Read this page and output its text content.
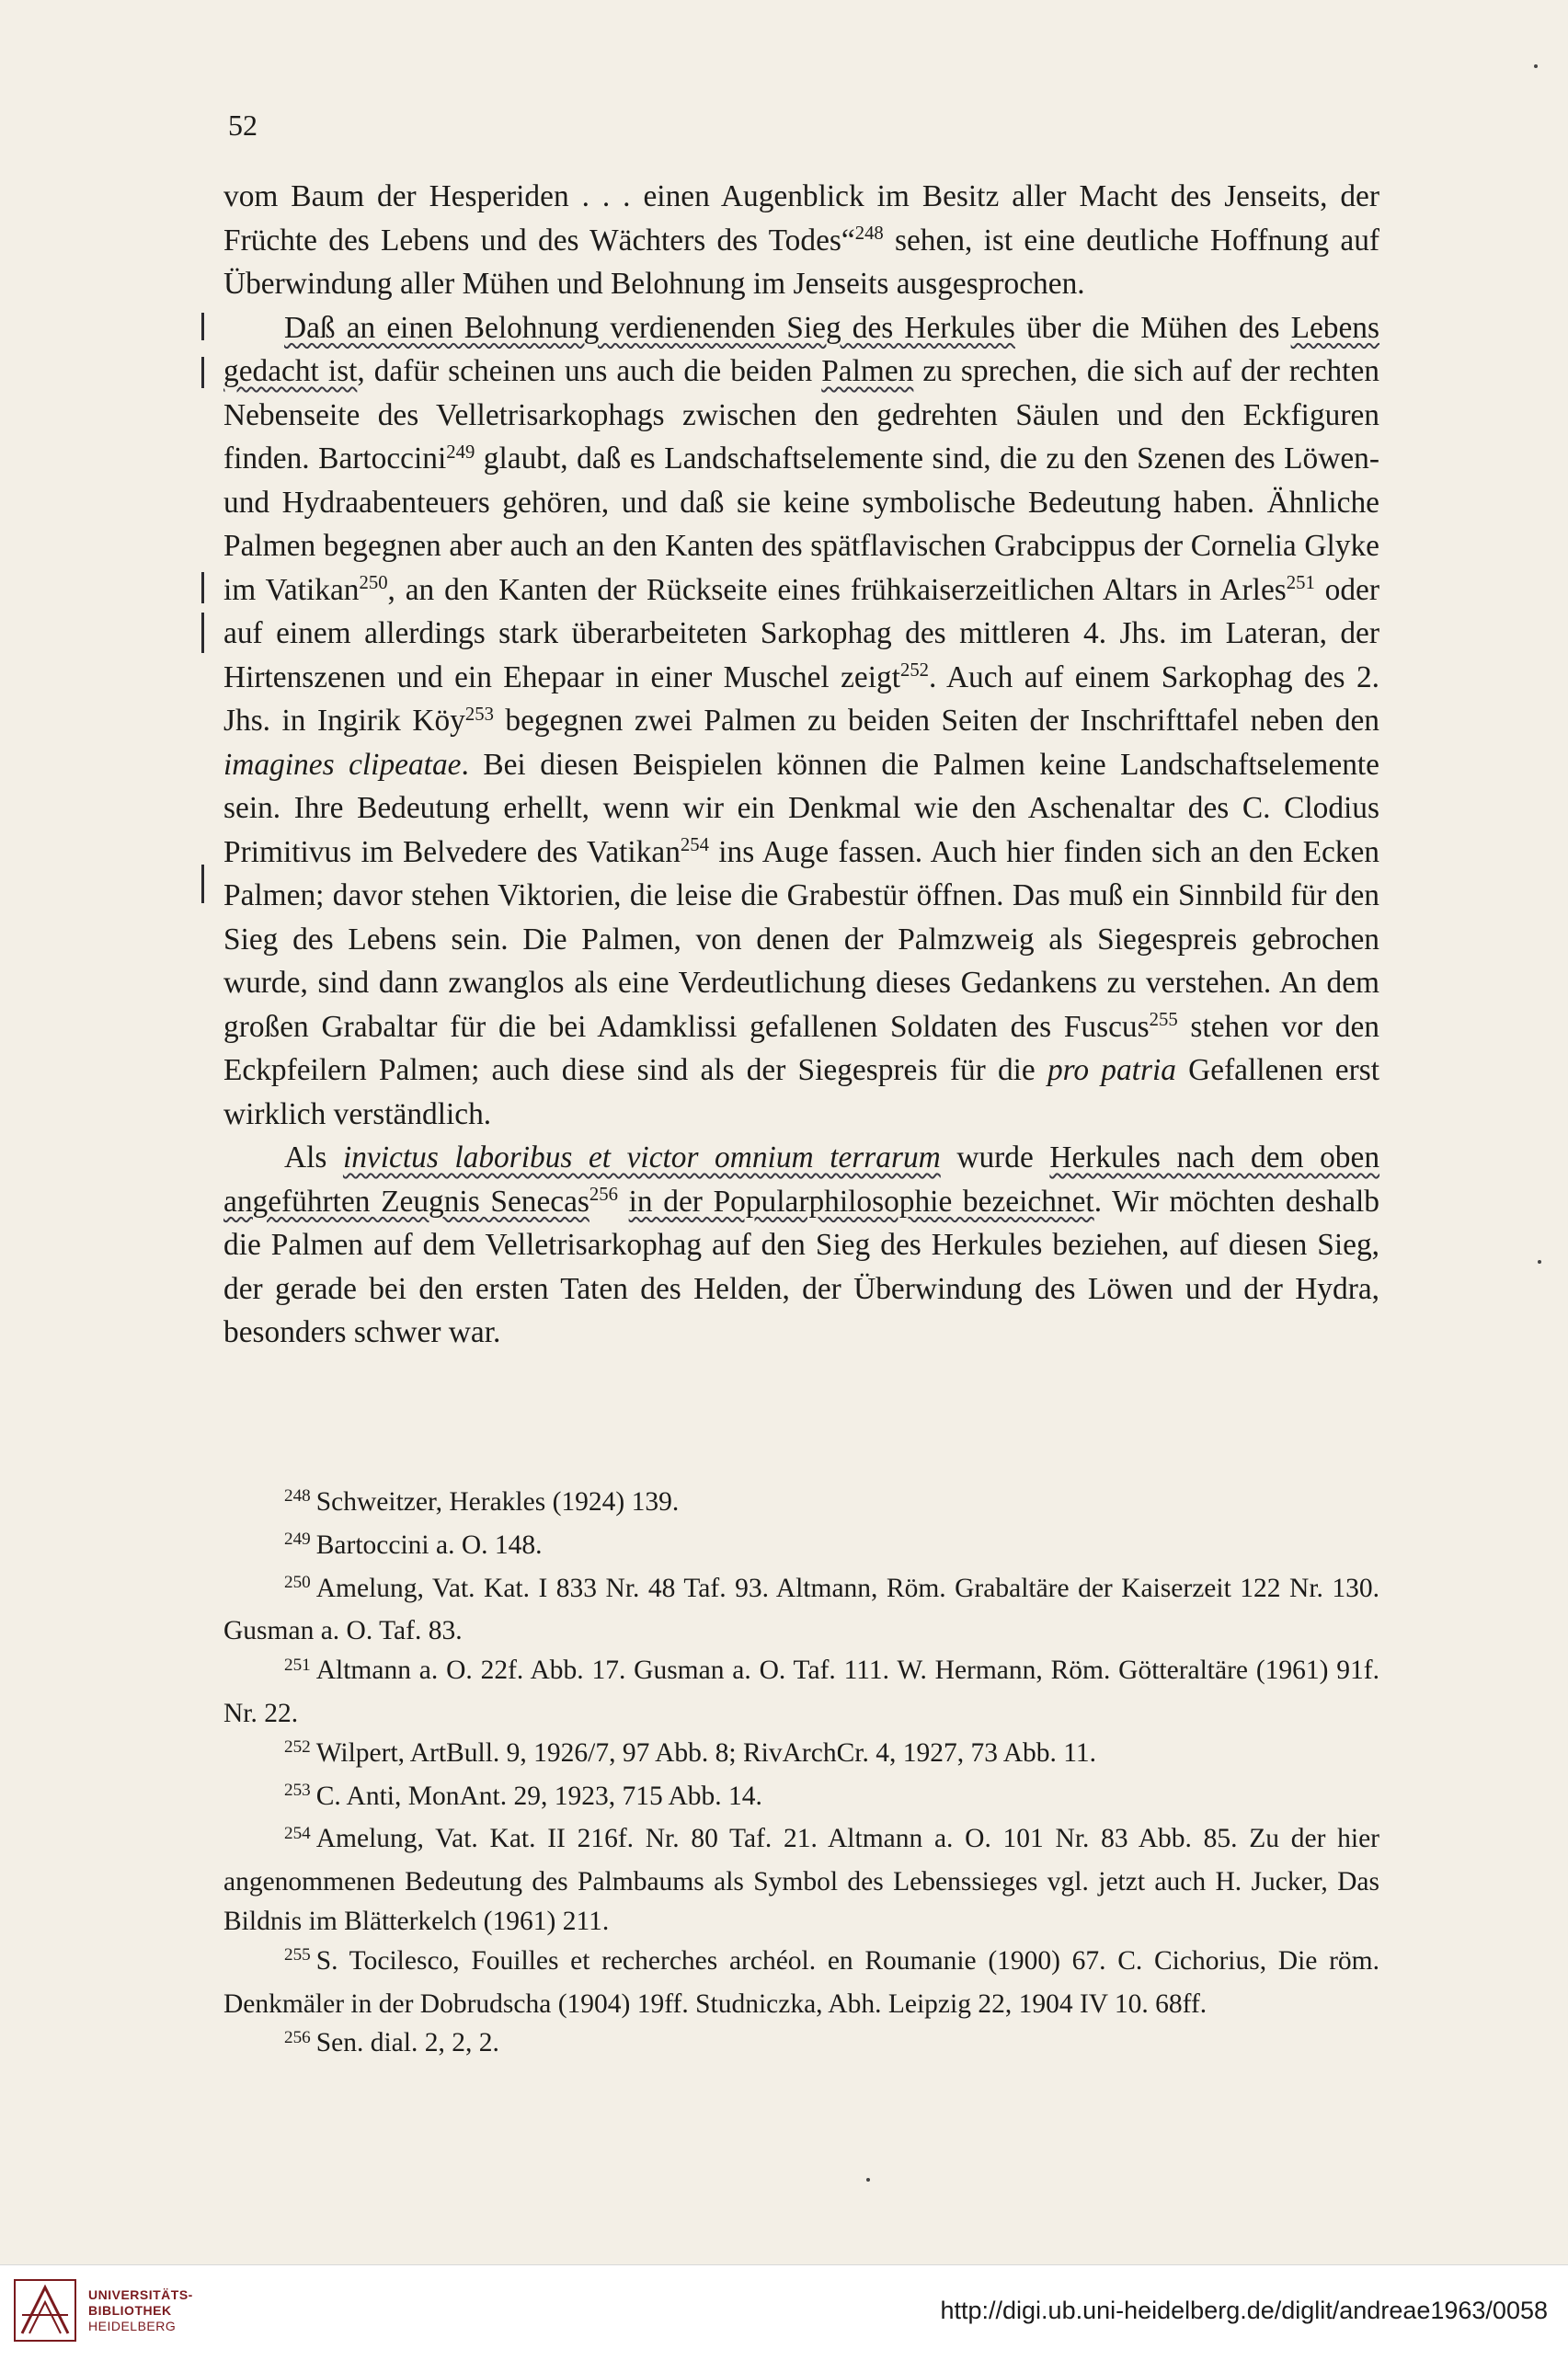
52

vom Baum der Hesperiden . . . einen Augenblick im Besitz aller Macht des Jenseits, der Früchte des Lebens und des Wächters des Todes“$^{248}$ sehen, ist eine deutliche Hoffnung auf Überwindung aller Mühen und Belohnung im Jenseits ausgesprochen.

Daß an einen Belohnung verdienenden Sieg des Herkules über die Mühen des Lebens gedacht ist, dafür scheinen uns auch die beiden Palmen zu sprechen, die sich auf der rechten Nebenseite des Velletrisarkophags zwischen den gedrehten Säulen und den Eckfiguren finden. Bartoccini$^{249}$ glaubt, daß es Landschaftselemente sind, die zu den Szenen des Löwen- und Hydraabenteuers gehören, und daß sie keine symbolische Bedeutung haben. Ähnliche Palmen begegnen aber auch an den Kanten des spätflavischen Grabcippus der Cornelia Glyke im Vatikan$^{250}$, an den Kanten der Rückseite eines frühkaiserzeitlichen Altars in Arles$^{251}$ oder auf einem allerdings stark überarbeiteten Sarkophag des mittleren 4. Jhs. im Lateran, der Hirtenszenen und ein Ehepaar in einer Muschel zeigt$^{252}$. Auch auf einem Sarkophag des 2. Jhs. in Ingirik Köy$^{253}$ begegnen zwei Palmen zu beiden Seiten der Inschrifttafel neben den imagines clipeatae. Bei diesen Beispielen können die Palmen keine Landschaftselemente sein. Ihre Bedeutung erhellt, wenn wir ein Denkmal wie den Aschenaltar des C. Clodius Primitivus im Belvedere des Vatikan$^{254}$ ins Auge fassen. Auch hier finden sich an den Ecken Palmen; davor stehen Viktorien, die leise die Grabestür öffnen. Das muß ein Sinnbild für den Sieg des Lebens sein. Die Palmen, von denen der Palmzweig als Siegespreis gebrochen wurde, sind dann zwanglos als eine Verdeutlichung dieses Gedankens zu verstehen. An dem großen Grabaltar für die bei Adamklissi gefallenen Soldaten des Fuscus$^{255}$ stehen vor den Eckpfeilern Palmen; auch diese sind als der Siegespreis für die pro patria Gefallenen erst wirklich verständlich.

Als invictus laboribus et victor omnium terrarum wurde Herkules nach dem oben angeführten Zeugnis Senecas$^{256}$ in der Popularphilosophie bezeichnet. Wir möchten deshalb die Palmen auf dem Velletrisarkophag auf den Sieg des Herkules beziehen, auf diesen Sieg, der gerade bei den ersten Taten des Helden, der Überwindung des Löwen und der Hydra, besonders schwer war.

$^{248}$ Schweitzer, Herakles (1924) 139.

$^{249}$ Bartoccini a. O. 148.

$^{250}$ Amelung, Vat. Kat. I 833 Nr. 48 Taf. 93. Altmann, Röm. Grabaltäre der Kaiserzeit 122 Nr. 130. Gusman a. O. Taf. 83.

$^{251}$ Altmann a. O. 22f. Abb. 17. Gusman a. O. Taf. 111. W. Hermann, Röm. Götteraltäre (1961) 91f. Nr. 22.

$^{252}$ Wilpert, ArtBull. 9, 1926/7, 97 Abb. 8; RivArchCr. 4, 1927, 73 Abb. 11.

$^{253}$ C. Anti, MonAnt. 29, 1923, 715 Abb. 14.

$^{254}$ Amelung, Vat. Kat. II 216f. Nr. 80 Taf. 21. Altmann a. O. 101 Nr. 83 Abb. 85. Zu der hier angenommenen Bedeutung des Palmbaums als Symbol des Lebenssieges vgl. jetzt auch H. Jucker, Das Bildnis im Blätterkelch (1961) 211.

$^{255}$ S. Tocilesco, Fouilles et recherches archéol. en Roumanie (1900) 67. C. Cichorius, Die röm. Denkmäler in der Dobrudscha (1904) 19ff. Studniczka, Abh. Leipzig 22, 1904 IV 10. 68ff.

$^{256}$ Sen. dial. 2, 2, 2.

UNIVERSITÄTS-
BIBLIOTHEK
HEIDELBERG
http://digi.ub.uni-heidelberg.de/diglit/andreae1963/0058
